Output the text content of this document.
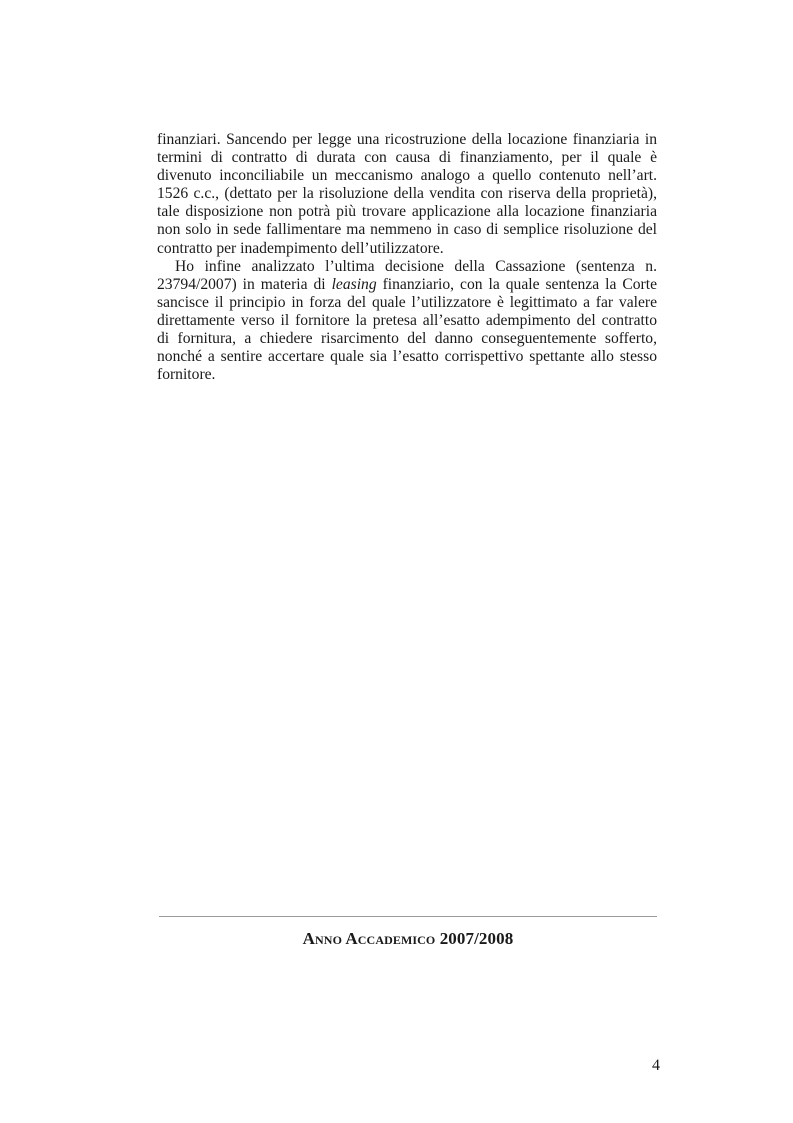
finanziari. Sancendo per legge una ricostruzione della locazione finanziaria in
termini di contratto di durata con causa di finanziamento, per il quale è
divenuto inconciliabile un meccanismo analogo a quello contenuto nell’art.
1526 c.c., (dettato per la risoluzione della vendita con riserva della proprietà),
tale disposizione non potrà più trovare applicazione alla locazione finanziaria
non solo in sede fallimentare ma nemmeno in caso di semplice risoluzione del
contratto per inadempimento dell’utilizzatore.
Ho infine analizzato l’ultima decisione della Cassazione (sentenza n.
23794/2007) in materia di leasing finanziario, con la quale sentenza la Corte
sancisce il principio in forza del quale l’utilizzatore è legittimato a far valere
direttamente verso il fornitore la pretesa all’esatto adempimento del contratto
di fornitura, a chiedere risarcimento del danno conseguentemente sofferto,
nonché a sentire accertare quale sia l’esatto corrispettivo spettante allo stesso
fornitore.
Anno Accademico 2007/2008
4
